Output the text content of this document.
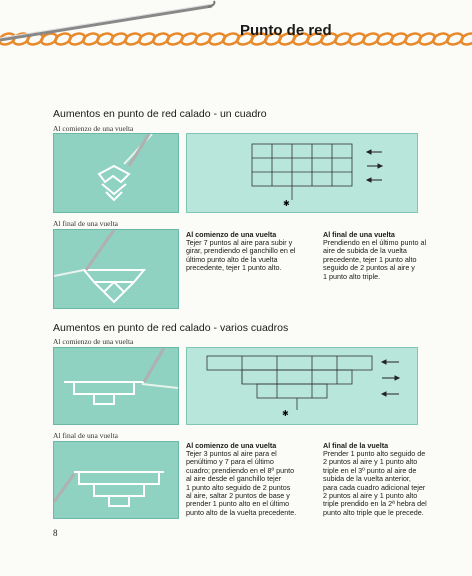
Punto de red
Aumentos en punto de red calado - un cuadro
Al comienzo de una vuelta
Al final de una vuelta
✱
Al comienzo de una vuelta
Tejer 7 puntos al aire para subir y
girar, prendiendo el ganchillo en el
último punto alto de la vuelta
precedente, tejer 1 punto alto.
Al final de una vuelta
Prendiendo en el último punto al
aire de subida de la vuelta
precedente, tejer 1 punto alto
seguido de 2 puntos al aire y
1 punto alto triple.
Aumentos en punto de red calado - varios cuadros
Al comienzo de una vuelta
Al final de una vuelta
✱
Al comienzo de una vuelta
Tejer 3 puntos al aire para el
penúltimo y 7 para el último
cuadro; prendiendo en el 8º punto
al aire desde el ganchillo tejer
1 punto alto seguido de 2 puntos
al aire, saltar 2 puntos de base y
prender 1 punto alto en el último
punto alto de la vuelta precedente.
Al final de la vuelta
Prender 1 punto alto seguido de
2 puntos al aire y 1 punto alto
triple en el 3º punto al aire de
subida de la vuelta anterior,
para cada cuadro adicional tejer
2 puntos al aire y 1 punto alto
triple prendido en la 2ª hebra del
punto alto triple que le precede.
8
